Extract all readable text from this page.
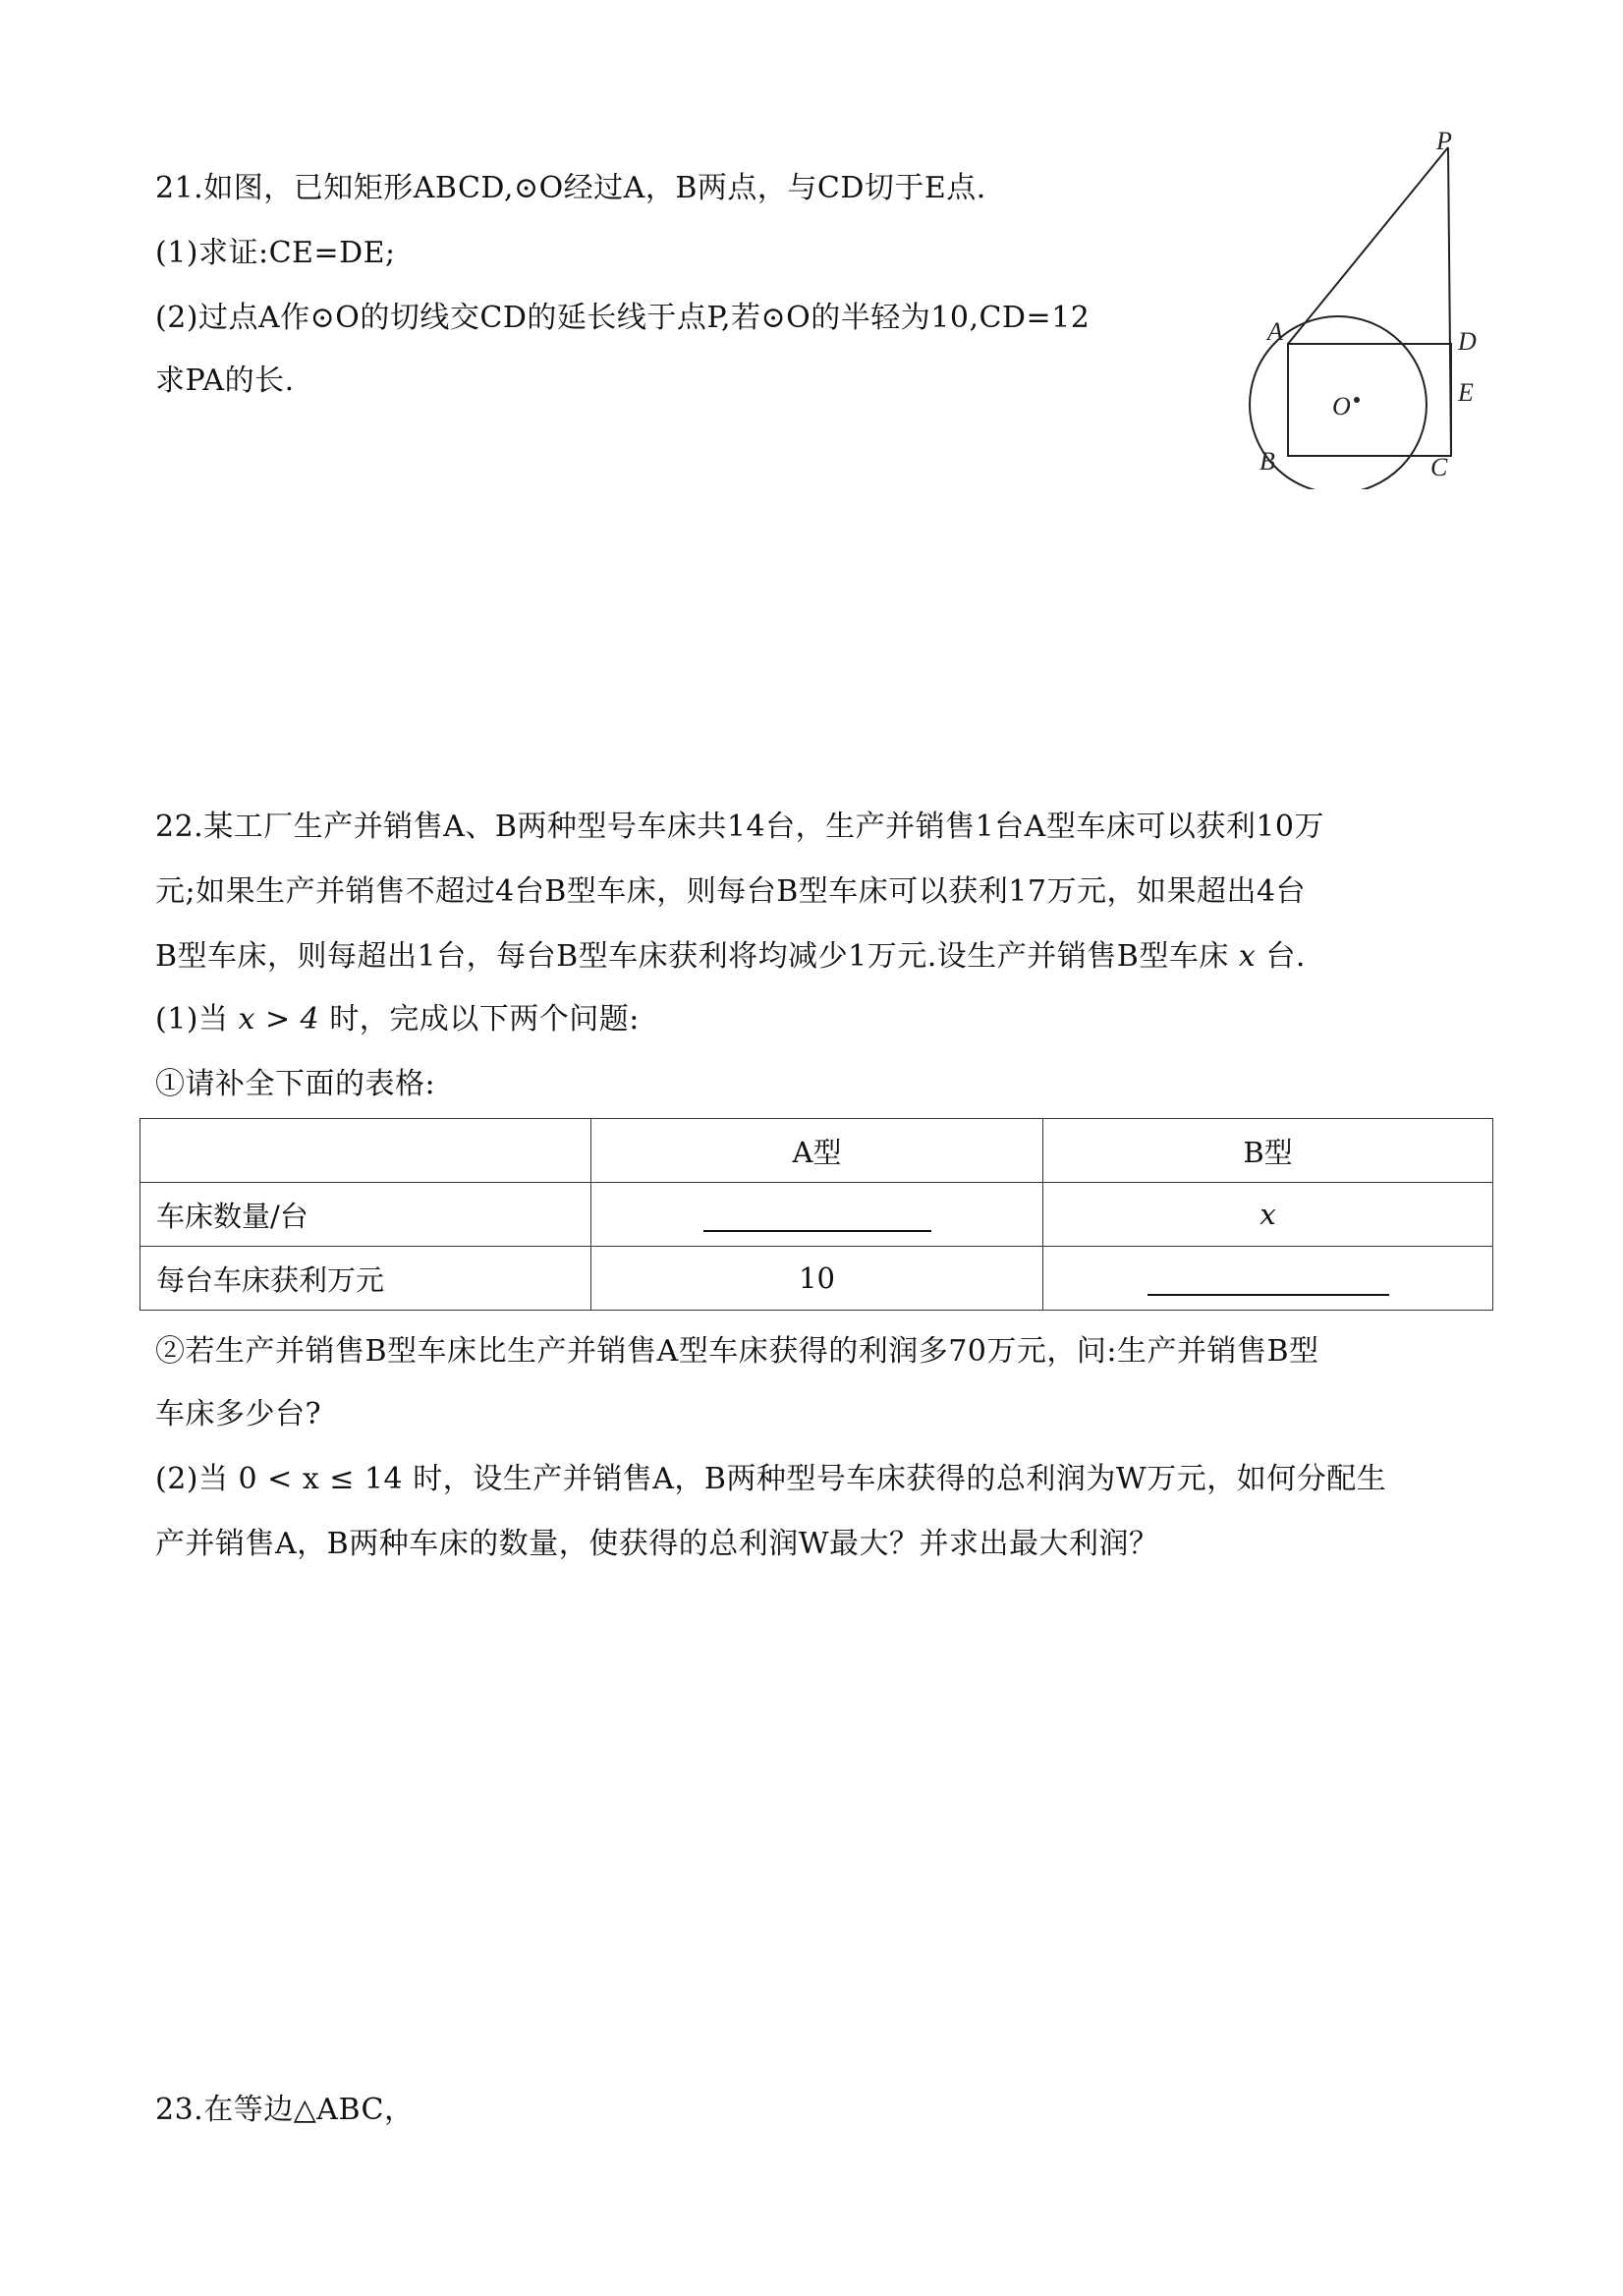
21.如图，已知矩形ABCD,⊙O经过A，B两点，与CD切于E点.

(1)求证:CE=DE;

(2)过点A作⊙O的切线交CD的延长线于点P,若⊙O的半轻为10,CD=12

求PA的长.

P
A	D
E
O
B	C

22.某工厂生产并销售A、B两种型号车床共14台，生产并销售1台A型车床可以获利10万

元;如果生产并销售不超过4台B型车床，则每台B型车床可以获利17万元，如果超出4台

B型车床，则每超出1台，每台B型车床获利将均减少1万元.设生产并销售B型车床 x 台.

(1)当 x > 4 时，完成以下两个问题:

①请补全下面的表格:

	A型	B型
车床数量/台		x
每台车床获利万元	10	

②若生产并销售B型车床比生产并销售A型车床获得的利润多70万元，问:生产并销售B型

车床多少台?

(2)当 0 < x ≤ 14 时，设生产并销售A，B两种型号车床获得的总利润为W万元，如何分配生

产并销售A，B两种车床的数量，使获得的总利润W最大？并求出最大利润？

23.在等边△ABC，
